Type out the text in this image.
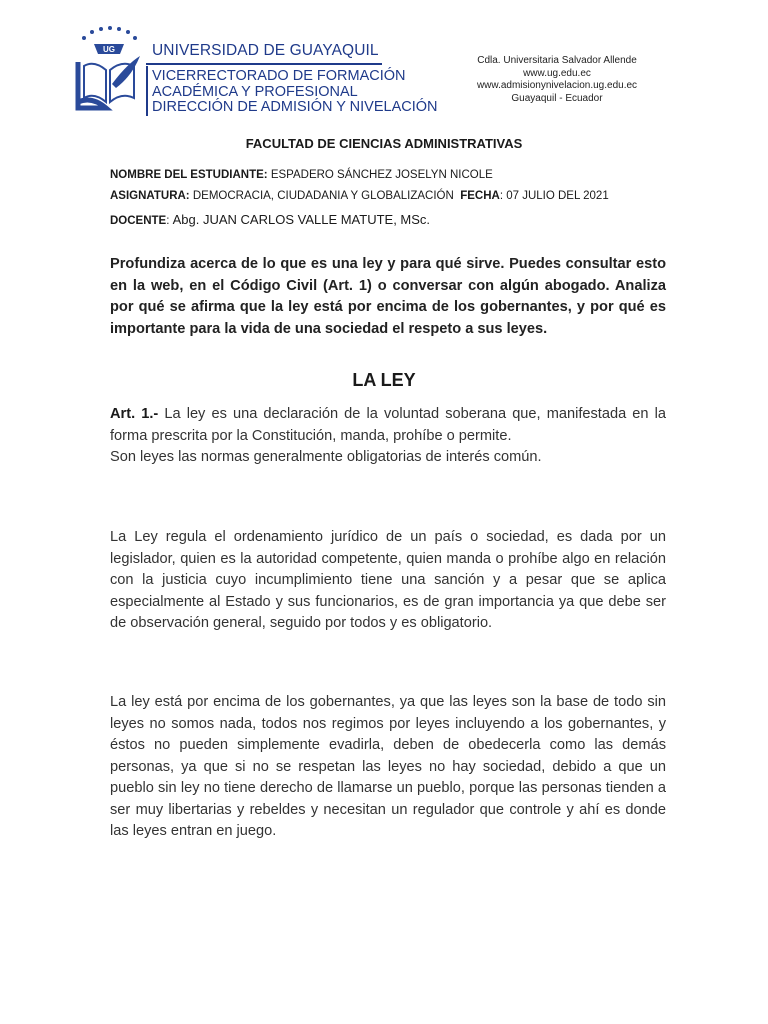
UG UNIVERSIDAD DE GUAYAQUIL
VICERRECTORADO DE FORMACIÓN
ACADÉMICA Y PROFESIONAL
DIRECCIÓN DE ADMISIÓN Y NIVELACIÓN
Cdla. Universitaria Salvador Allende
www.ug.edu.ec
www.admisionynivelacion.ug.edu.ec
Guayaquil - Ecuador
FACULTAD DE CIENCIAS ADMINISTRATIVAS
NOMBRE DEL ESTUDIANTE: ESPADERO SÁNCHEZ JOSELYN NICOLE
ASIGNATURA: DEMOCRACIA, CIUDADANIA Y GLOBALIZACIÓN FECHA: 07 JULIO DEL 2021
DOCENTE: Abg. JUAN CARLOS VALLE MATUTE, MSc.
Profundiza acerca de lo que es una ley y para qué sirve. Puedes consultar esto en la web, en el Código Civil (Art. 1) o conversar con algún abogado. Analiza por qué se afirma que la ley está por encima de los gobernantes, y por qué es importante para la vida de una sociedad el respeto a sus leyes.
LA LEY
Art. 1.- La ley es una declaración de la voluntad soberana que, manifestada en la forma prescrita por la Constitución, manda, prohíbe o permite.
Son leyes las normas generalmente obligatorias de interés común.
La Ley regula el ordenamiento jurídico de un país o sociedad, es dada por un legislador, quien es la autoridad competente, quien manda o prohíbe algo en relación con la justicia cuyo incumplimiento tiene una sanción y a pesar que se aplica especialmente al Estado y sus funcionarios, es de gran importancia ya que debe ser de observación general, seguido por todos y es obligatorio.
La ley está por encima de los gobernantes, ya que las leyes son la base de todo sin leyes no somos nada, todos nos regimos por leyes incluyendo a los gobernantes, y éstos no pueden simplemente evadirla, deben de obedecerla como las demás personas, ya que si no se respetan las leyes no hay sociedad, debido a que un pueblo sin ley no tiene derecho de llamarse un pueblo, porque las personas tienden a ser muy libertarias y rebeldes y necesitan un regulador que controle y ahí es donde las leyes entran en juego.
